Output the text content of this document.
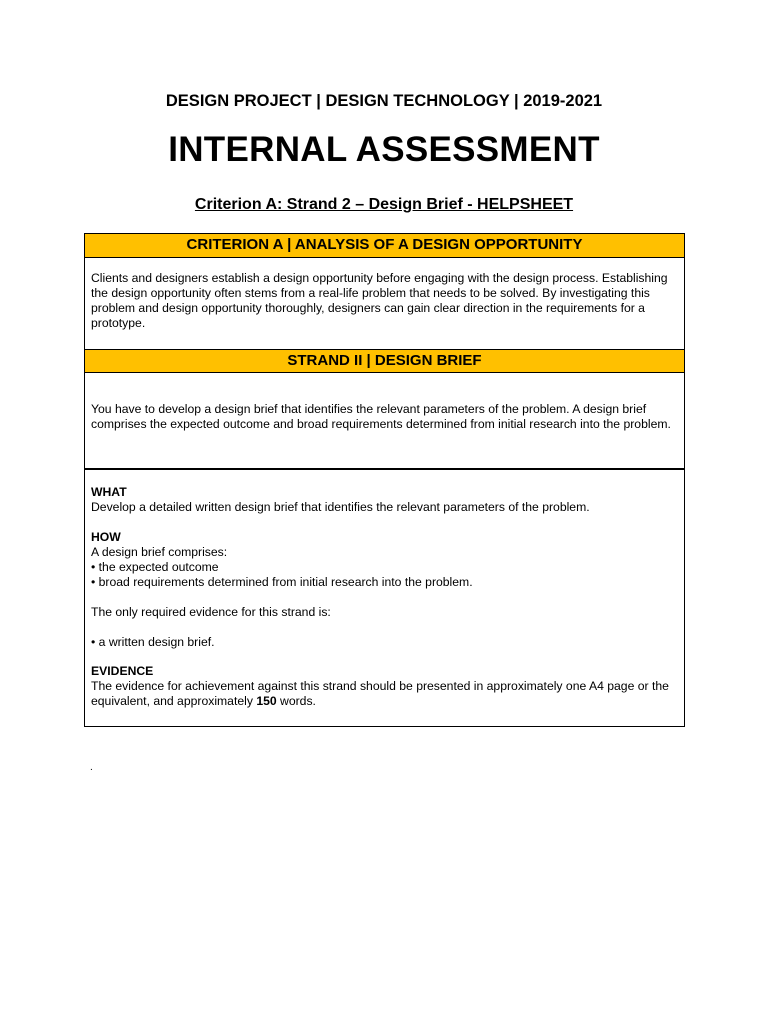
DESIGN PROJECT | DESIGN TECHNOLOGY | 2019-2021
INTERNAL ASSESSMENT
Criterion A: Strand 2 – Design Brief - HELPSHEET
CRITERION A | ANALYSIS OF A DESIGN OPPORTUNITY

Clients and designers establish a design opportunity before engaging with the design process. Establishing the design opportunity often stems from a real-life problem that needs to be solved. By investigating this problem and design opportunity thoroughly, designers can gain clear direction in the requirements for a prototype.

STRAND II | DESIGN BRIEF

You have to develop a design brief that identifies the relevant parameters of the problem. A design brief comprises the expected outcome and broad requirements determined from initial research into the problem.

WHAT

Develop a detailed written design brief that identifies the relevant parameters of the problem.

HOW

A design brief comprises:

• the expected outcome

• broad requirements determined from initial research into the problem.

The only required evidence for this strand is:

• a written design brief.

EVIDENCE

The evidence for achievement against this strand should be presented in approximately one A4 page or the equivalent, and approximately 150 words.

.
